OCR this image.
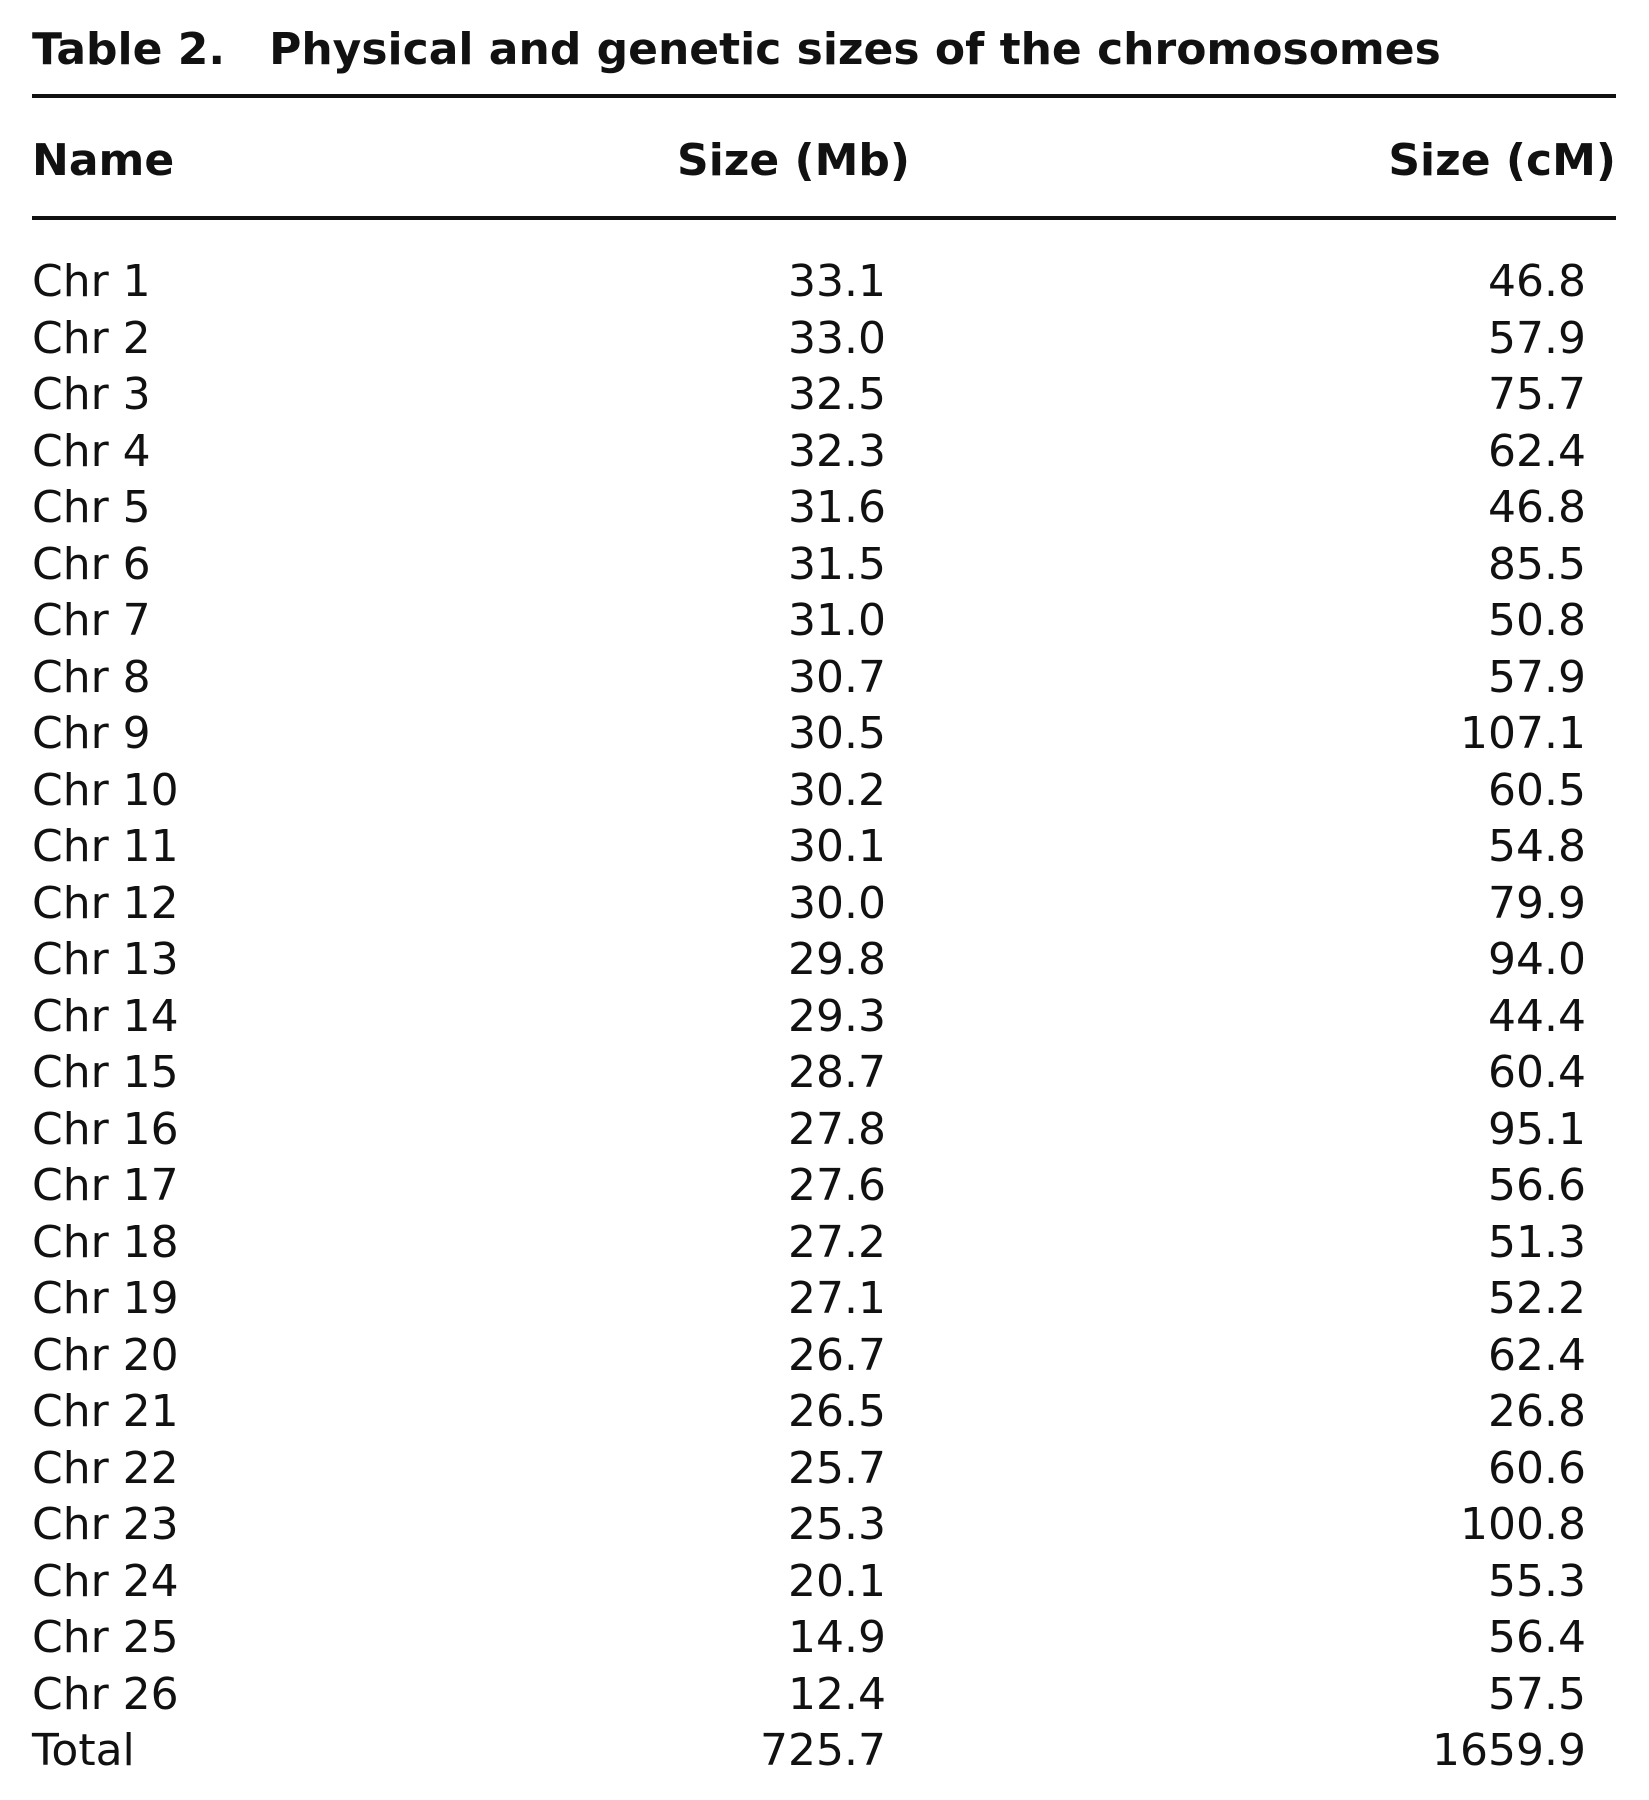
Table 2. Physical and genetic sizes of the chromosomes
Name	Size (Mb)	Size (cM)
Chr 1	33.1	46.8
Chr 2	33.0	57.9
Chr 3	32.5	75.7
Chr 4	32.3	62.4
Chr 5	31.6	46.8
Chr 6	31.5	85.5
Chr 7	31.0	50.8
Chr 8	30.7	57.9
Chr 9	30.5	107.1
Chr 10	30.2	60.5
Chr 11	30.1	54.8
Chr 12	30.0	79.9
Chr 13	29.8	94.0
Chr 14	29.3	44.4
Chr 15	28.7	60.4
Chr 16	27.8	95.1
Chr 17	27.6	56.6
Chr 18	27.2	51.3
Chr 19	27.1	52.2
Chr 20	26.7	62.4
Chr 21	26.5	26.8
Chr 22	25.7	60.6
Chr 23	25.3	100.8
Chr 24	20.1	55.3
Chr 25	14.9	56.4
Chr 26	12.4	57.5
Total	725.7	1659.9
